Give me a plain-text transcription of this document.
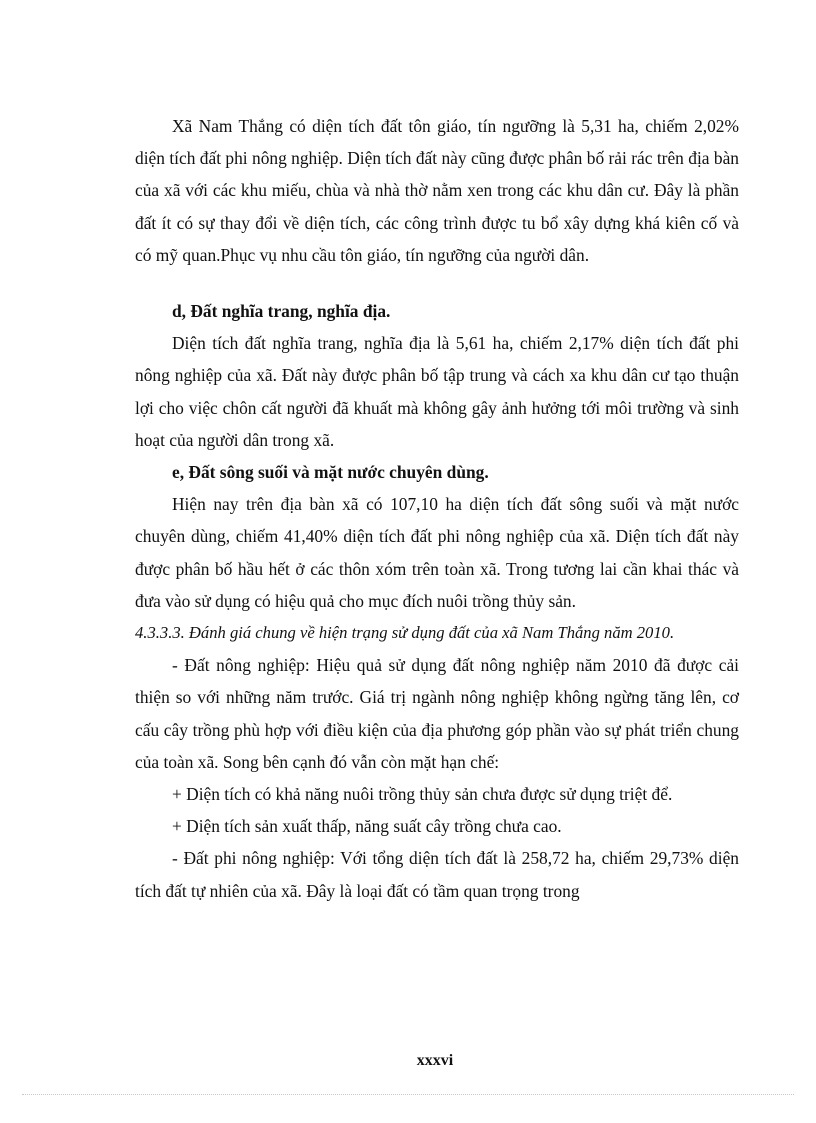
Xã Nam Thắng có diện tích đất tôn giáo, tín ngưỡng là 5,31 ha, chiếm 2,02% diện tích đất phi nông nghiệp. Diện tích đất này cũng được phân bố rải rác trên địa bàn của xã với các khu miếu, chùa và nhà thờ nằm xen trong các khu dân cư. Đây là phần đất ít có sự thay đổi về diện tích, các công trình được tu bổ xây dựng khá kiên cố và có mỹ quan.Phục vụ nhu cầu tôn giáo, tín ngưỡng của người dân.

d, Đất nghĩa trang, nghĩa địa.

Diện tích đất nghĩa trang, nghĩa địa là 5,61 ha, chiếm 2,17% diện tích đất phi nông nghiệp của xã. Đất này được phân bố tập trung và cách xa khu dân cư tạo thuận lợi cho việc chôn cất người đã khuất mà không gây ảnh hưởng tới môi trường và sinh hoạt của người dân trong xã.

e, Đất sông suối và mặt nước chuyên dùng.

Hiện nay trên địa bàn xã có 107,10 ha diện tích đất sông suối và mặt nước chuyên dùng, chiếm 41,40% diện tích đất phi nông nghiệp của xã. Diện tích đất này được phân bố hầu hết ở các thôn xóm trên toàn xã. Trong tương lai cần khai thác và đưa vào sử dụng có hiệu quả cho mục đích nuôi trồng thủy sản.

4.3.3.3. Đánh giá chung về hiện trạng sử dụng đất của xã Nam Thắng năm 2010.

- Đất nông nghiệp: Hiệu quả sử dụng đất nông nghiệp năm 2010 đã được cải thiện so với những năm trước. Giá trị ngành nông nghiệp không ngừng tăng lên, cơ cấu cây trồng phù hợp với điều kiện của địa phương góp phần vào sự phát triển chung của toàn xã. Song bên cạnh đó vẫn còn mặt hạn chế:

+ Diện tích có khả năng nuôi trồng thủy sản chưa được sử dụng triệt để.

+ Diện tích sản xuất thấp, năng suất cây trồng chưa cao.

- Đất phi nông nghiệp: Với tổng diện tích đất là 258,72 ha, chiếm 29,73% diện tích đất tự nhiên của xã. Đây là loại đất có tầm quan trọng trong

xxxvi
